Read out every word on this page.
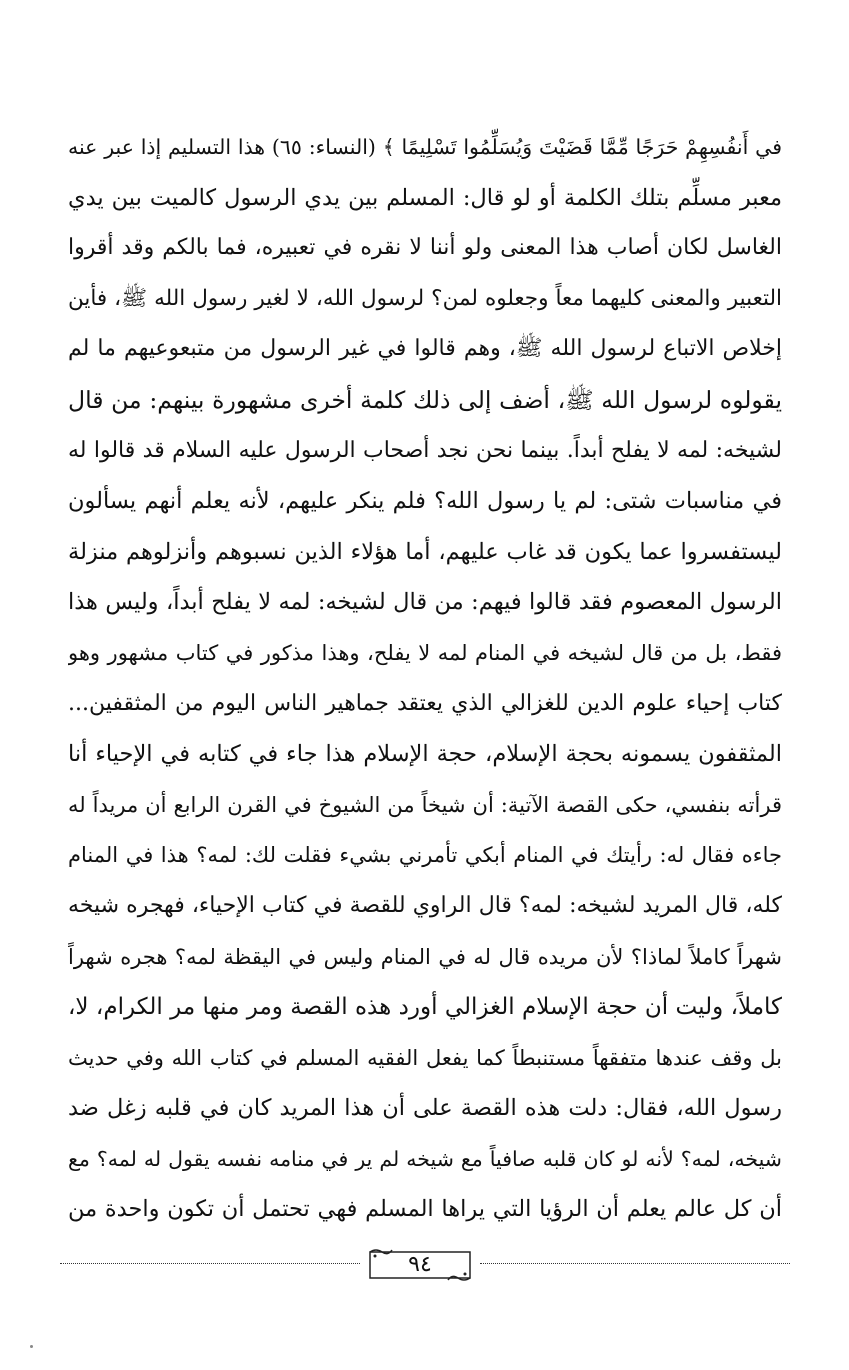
في أَنفُسِهِمْ حَرَجًا مِّمَّا قَضَيْتَ وَيُسَلِّمُوا تَسْلِيمًا ﴾ (النساء: ٦٥) هذا التسليم إذا عبر عنه
معبر مسلِّم بتلك الكلمة أو لو قال: المسلم بين يدي الرسول كالميت بين يدي
الغاسل لكان أصاب هذا المعنى ولو أننا لا نقره في تعبيره، فما بالكم وقد أقروا
التعبير والمعنى كليهما معاً وجعلوه لمن؟ لرسول الله، لا لغير رسول الله ﷺ، فأين
إخلاص الاتباع لرسول الله ﷺ، وهم قالوا في غير الرسول من متبعوعيهم ما لم
يقولوه لرسول الله ﷺ، أضف إلى ذلك كلمة أخرى مشهورة بينهم: من قال
لشيخه: لمه لا يفلح أبداً. بينما نحن نجد أصحاب الرسول عليه السلام قد قالوا له
في مناسبات شتى: لم يا رسول الله؟ فلم ينكر عليهم، لأنه يعلم أنهم يسألون
ليستفسروا عما يكون قد غاب عليهم، أما هؤلاء الذين نسبوهم وأنزلوهم منزلة
الرسول المعصوم فقد قالوا فيهم: من قال لشيخه: لمه لا يفلح أبداً، وليس هذا
فقط، بل من قال لشيخه في المنام لمه لا يفلح، وهذا مذكور في كتاب مشهور وهو
كتاب إحياء علوم الدين للغزالي الذي يعتقد جماهير الناس اليوم من المثقفين...
المثقفون يسمونه بحجة الإسلام، حجة الإسلام هذا جاء في كتابه في الإحياء أنا
قرأته بنفسي، حكى القصة الآتية: أن شيخاً من الشيوخ في القرن الرابع أن مريداً له
جاءه فقال له: رأيتك في المنام أبكي تأمرني بشيء فقلت لك: لمه؟ هذا في المنام
كله، قال المريد لشيخه: لمه؟ قال الراوي للقصة في كتاب الإحياء، فهجره شيخه
شهراً كاملاً لماذا؟ لأن مريده قال له في المنام وليس في اليقظة لمه؟ هجره شهراً
كاملاً، وليت أن حجة الإسلام الغزالي أورد هذه القصة ومر منها مر الكرام، لا،
بل وقف عندها متفقهاً مستنبطاً كما يفعل الفقيه المسلم في كتاب الله وفي حديث
رسول الله، فقال: دلت هذه القصة على أن هذا المريد كان في قلبه زغل ضد
شيخه، لمه؟ لأنه لو كان قلبه صافياً مع شيخه لم ير في منامه نفسه يقول له لمه؟ مع
أن كل عالم يعلم أن الرؤيا التي يراها المسلم فهي تحتمل أن تكون واحدة من
٩٤
